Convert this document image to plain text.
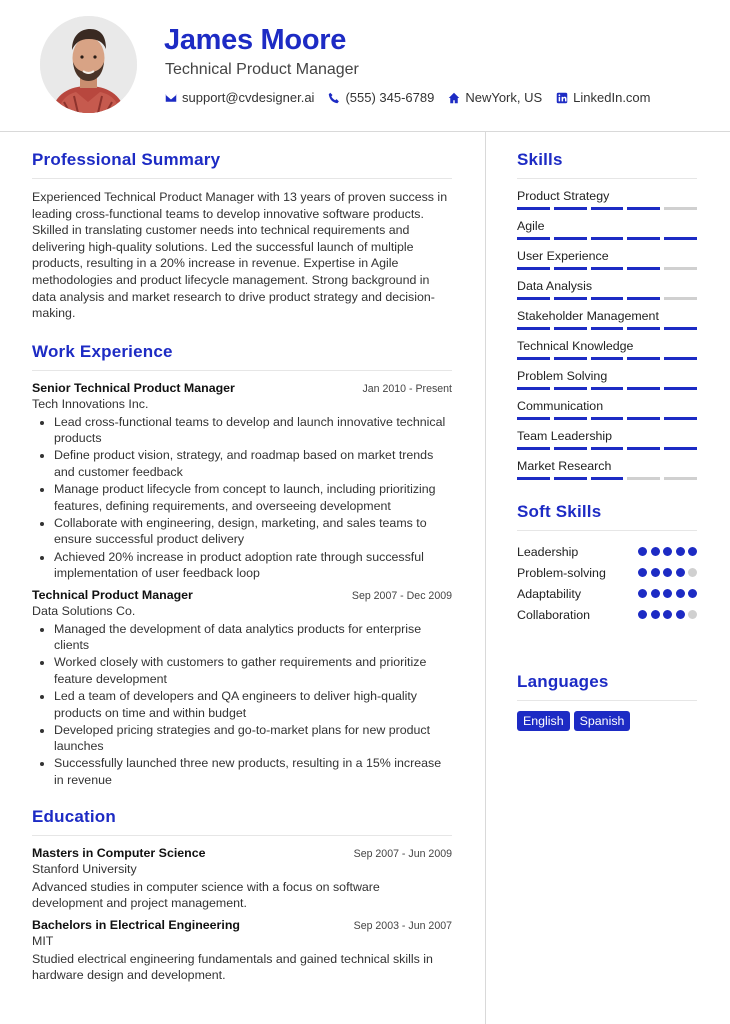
James Moore
Technical Product Manager
support@cvdesigner.ai (555) 345-6789 NewYork, US LinkedIn.com
Professional Summary

Experienced Technical Product Manager with 13 years of proven success in leading cross-functional teams to develop innovative software products. Skilled in translating customer needs into technical requirements and delivering high-quality solutions. Led the successful launch of multiple products, resulting in a 20% increase in revenue. Expertise in Agile methodologies and product lifecycle management. Strong background in data analysis and market research to drive product strategy and decision-making.

Work Experience
Senior Technical Product Manager	Jan 2010 - Present
Tech Innovations Inc.
• Lead cross-functional teams to develop and launch innovative technical products
• Define product vision, strategy, and roadmap based on market trends and customer feedback
• Manage product lifecycle from concept to launch, including prioritizing features, defining requirements, and overseeing development
• Collaborate with engineering, design, marketing, and sales teams to ensure successful product delivery
• Achieved 20% increase in product adoption rate through successful implementation of user feedback loop
Technical Product Manager	Sep 2007 - Dec 2009
Data Solutions Co.
• Managed the development of data analytics products for enterprise clients
• Worked closely with customers to gather requirements and prioritize feature development
• Led a team of developers and QA engineers to deliver high-quality products on time and within budget
• Developed pricing strategies and go-to-market plans for new product launches
• Successfully launched three new products, resulting in a 15% increase in revenue
Education
Masters in Computer Science	Sep 2007 - Jun 2009
Stanford University

Advanced studies in computer science with a focus on software development and project management.

Bachelors in Electrical Engineering	Sep 2003 - Jun 2007
MIT

Studied electrical engineering fundamentals and gained technical skills in hardware design and development.

Skills
Product Strategy
Agile
User Experience
Data Analysis
Stakeholder Management
Technical Knowledge
Problem Solving
Communication
Team Leadership
Market Research
Soft Skills
Leadership
Problem-solving
Adaptability
Collaboration
Languages
English	Spanish
